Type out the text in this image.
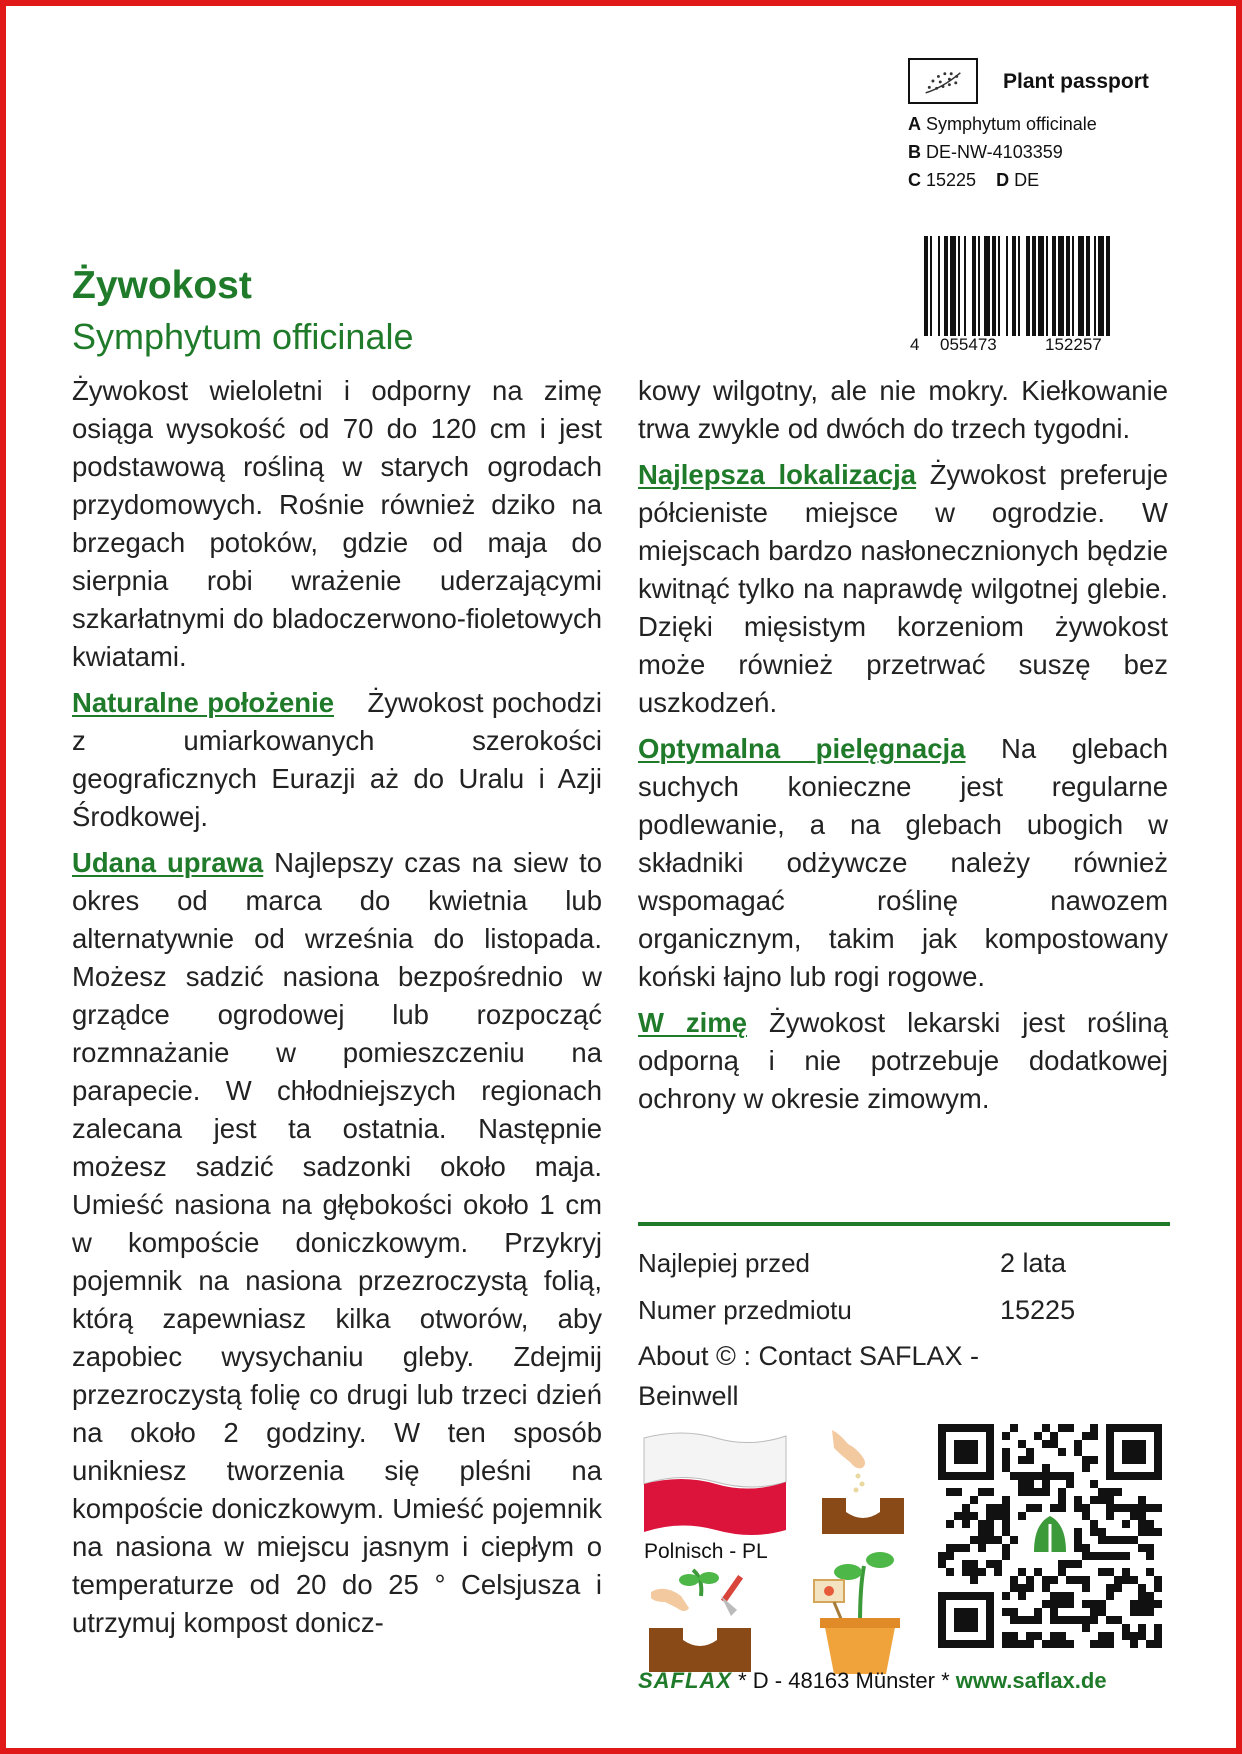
Plant passport
A Symphytum officinale
B DE-NW-4103359
C 15225 D DE
4 055473	152257
Żywokost
Symphytum officinale

Żywokost wieloletni i odporny na zimę osiąga wysokość od 70 do 120 cm i jest podstawową rośliną w starych ogrodach przydomowych. Rośnie również dziko na brzegach potoków, gdzie od maja do sierpnia robi wrażenie uderzającymi szkarłatnymi do bladoczerwono-fioletowych kwiatami.

Naturalne położenie Żywokost pochodzi z umiarkowanych szerokości geograficznych Eurazji aż do Uralu i Azji Środkowej.

Udana uprawa Najlepszy czas na siew to okres od marca do kwietnia lub alternatywnie od września do listopada. Możesz sadzić nasiona bezpośrednio w grządce ogrodowej lub rozpocząć rozmnażanie w pomieszczeniu na parapecie. W chłodniejszych regionach zalecana jest ta ostatnia. Następnie możesz sadzić sadzonki około maja. Umieść nasiona na głębokości około 1 cm w kompoście doniczkowym. Przykryj pojemnik na nasiona przezroczystą folią, którą zapewniasz kilka otworów, aby zapobiec wysychaniu gleby. Zdejmij przezroczystą folię co drugi lub trzeci dzień na około 2 godziny. W ten sposób unikniesz tworzenia się pleśni na kompoście doniczkowym. Umieść pojemnik na nasiona w miejscu jasnym i ciepłym o temperaturze od 20 do 25 ° Celsjusza i utrzymuj kompost donicz-

kowy wilgotny, ale nie mokry. Kiełkowanie trwa zwykle od dwóch do trzech tygodni.

Najlepsza lokalizacja Żywokost preferuje półcieniste miejsce w ogrodzie. W miejscach bardzo nasłonecznionych będzie kwitnąć tylko na naprawdę wilgotnej glebie. Dzięki mięsistym korzeniom żywokost może również przetrwać suszę bez uszkodzeń.

Optymalna pielęgnacja Na glebach suchych konieczne jest regularne podlewanie, a na glebach ubogich w składniki odżywcze należy również wspomagać roślinę nawozem organicznym, takim jak kompostowany koński łajno lub rogi rogowe.

W zimę Żywokost lekarski jest rośliną odporną i nie potrzebuje dodatkowej ochrony w okresie zimowym.

Najlepiej przed	2 lata
Numer przedmiotu	15225
About © : Contact SAFLAX - Beinwell
Polnisch - PL
SAFLAX * D - 48163 Münster * www.saflax.de
